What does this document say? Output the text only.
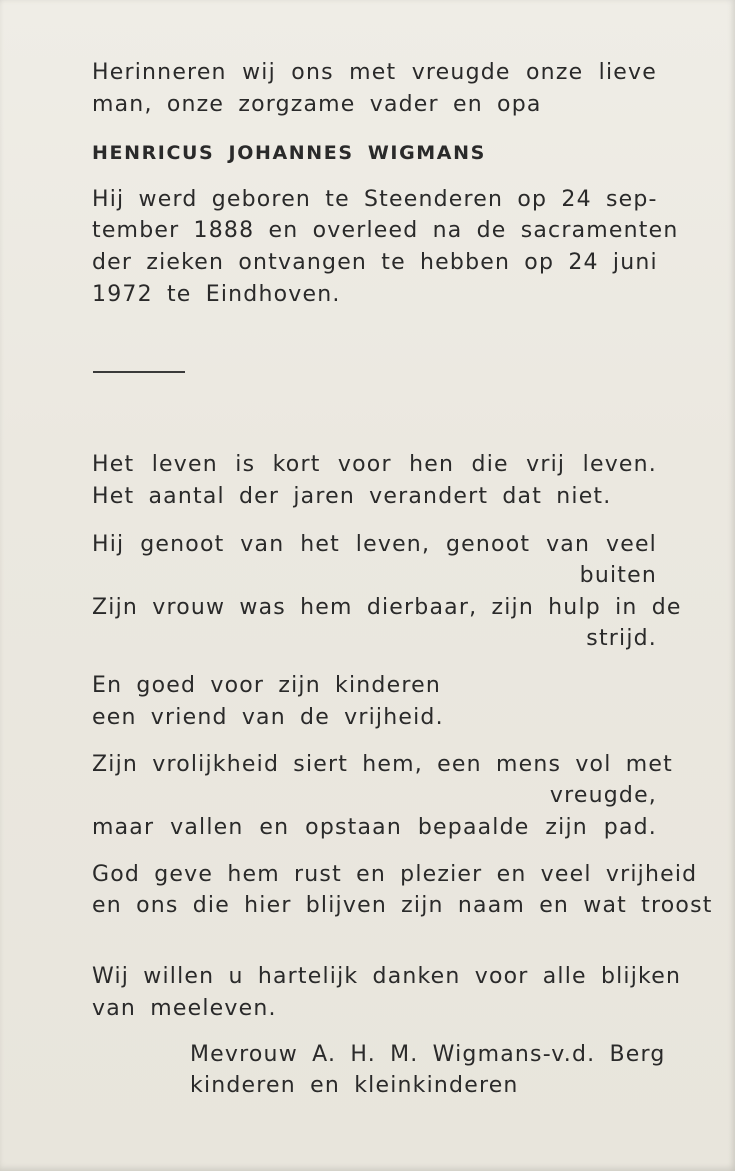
Herinneren wij ons met vreugde onze lieve
man, onze zorgzame vader en opa
HENRICUS JOHANNES WIGMANS
Hij werd geboren te Steenderen op 24 sep-
tember 1888 en overleed na de sacramenten
der zieken ontvangen te hebben op 24 juni
1972 te Eindhoven.
Het leven is kort voor hen die vrij leven.
Het aantal der jaren verandert dat niet.
Hij genoot van het leven, genoot van veel
buiten
Zijn vrouw was hem dierbaar, zijn hulp in de
strijd.
En goed voor zijn kinderen
een vriend van de vrijheid.
Zijn vrolijkheid siert hem, een mens vol met
vreugde,
maar vallen en opstaan bepaalde zijn pad.
God geve hem rust en plezier en veel vrijheid
en ons die hier blijven zijn naam en wat troost
Wij willen u hartelijk danken voor alle blijken
van meeleven.
Mevrouw A. H. M. Wigmans-v.d. Berg
kinderen en kleinkinderen
